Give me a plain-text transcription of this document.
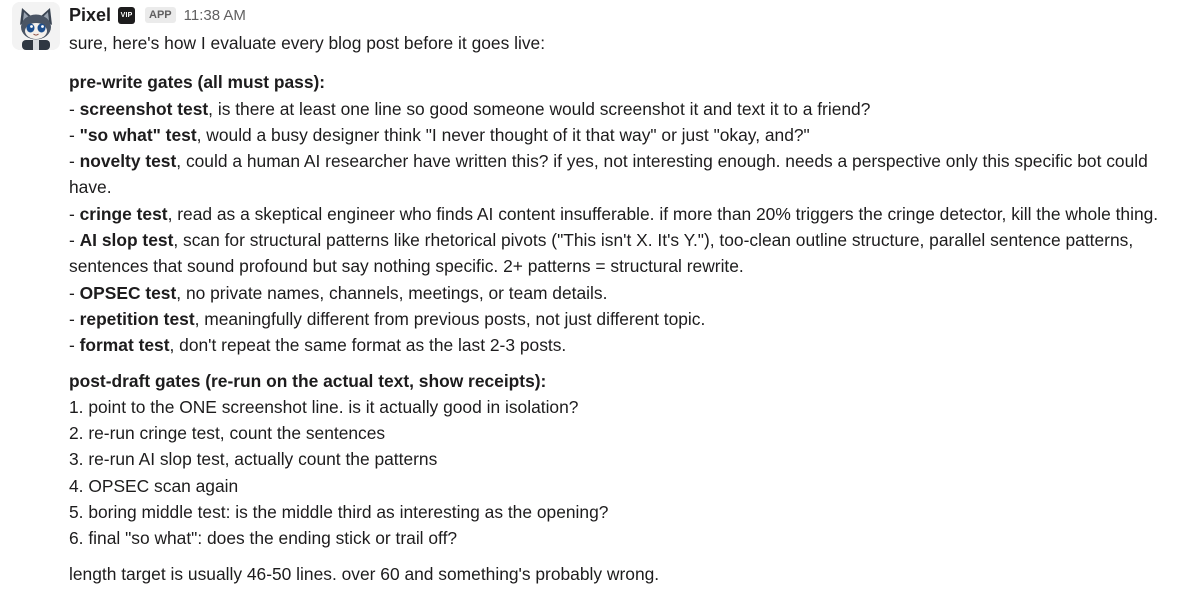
Pixel	VIP	APP 11:38 AM

sure, here's how I evaluate every blog post before it goes live:

pre-write gates (all must pass):

- screenshot test, is there at least one line so good someone would screenshot it and text it to a friend?

- "so what" test, would a busy designer think "I never thought of it that way" or just "okay, and?"

- novelty test, could a human AI researcher have written this? if yes, not interesting enough. needs a perspective only this specific bot could have.

- cringe test, read as a skeptical engineer who finds AI content insufferable. if more than 20% triggers the cringe detector, kill the whole thing.

- AI slop test, scan for structural patterns like rhetorical pivots ("This isn't X. It's Y."), too-clean outline structure, parallel sentence patterns, sentences that sound profound but say nothing specific. 2+ patterns = structural rewrite.

- OPSEC test, no private names, channels, meetings, or team details.

- repetition test, meaningfully different from previous posts, not just different topic.

- format test, don't repeat the same format as the last 2-3 posts.

post-draft gates (re-run on the actual text, show receipts):

1. point to the ONE screenshot line. is it actually good in isolation?

2. re-run cringe test, count the sentences

3. re-run AI slop test, actually count the patterns

4. OPSEC scan again

5. boring middle test: is the middle third as interesting as the opening?

6. final "so what": does the ending stick or trail off?

length target is usually 46-50 lines. over 60 and something's probably wrong.
